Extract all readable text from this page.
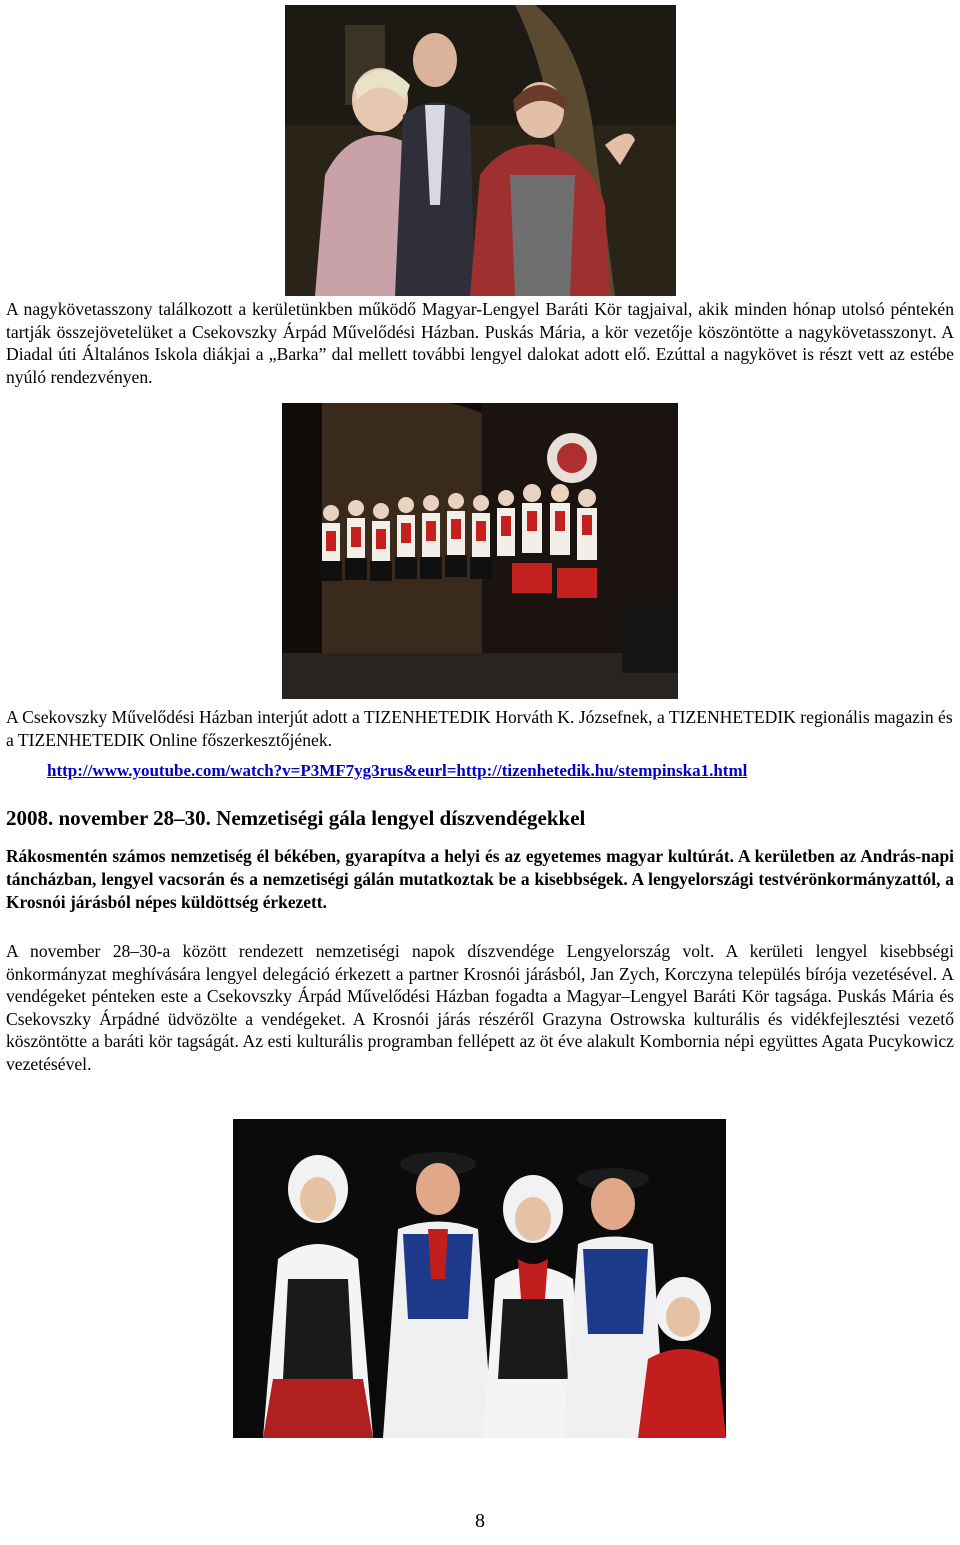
A nagykövetasszony találkozott a kerületünkben működő Magyar-Lengyel Baráti Kör tagjaival, akik minden hónap utolsó péntekén tartják összejövetelüket a Csekovszky Árpád Művelődési Házban. Puskás Mária, a kör vezetője köszöntötte a nagykövetasszonyt. A Diadal úti Általános Iskola diákjai a „Barka” dal mellett további lengyel dalokat adott elő. Ezúttal a nagykövet is részt vett az estébe nyúló rendezvényen.

A Csekovszky Művelődési Házban interjút adott a TIZENHETEDIK Horváth K. Józsefnek, a TIZENHETEDIK regionális magazin és a TIZENHETEDIK Online főszerkesztőjének.

http://www.youtube.com/watch?v=P3MF7yg3rus&eurl=http://tizenhetedik.hu/stempinska1.html
2008. november 28–30. Nemzetiségi gála lengyel díszvendégekkel

Rákosmentén számos nemzetiség él békében, gyarapítva a helyi és az egyetemes magyar kultúrát. A kerületben az András-napi táncházban, lengyel vacsorán és a nemzetiségi gálán mutatkoztak be a kisebbségek. A lengyelországi testvérönkormányzattól, a Krosnói járásból népes küldöttség érkezett.

A november 28–30-a között rendezett nemzetiségi napok díszvendége Lengyelország volt. A kerületi lengyel kisebbségi önkormányzat meghívására lengyel delegáció érkezett a partner Krosnói járásból, Jan Zych, Korczyna település bírója vezetésével. A vendégeket pénteken este a Csekovszky Árpád Művelődési Házban fogadta a Magyar–Lengyel Baráti Kör tagsága. Puskás Mária és Csekovszky Árpádné üdvözölte a vendégeket. A Krosnói járás részéről Grazyna Ostrowska kulturális és vidékfejlesztési vezető köszöntötte a baráti kör tagságát. Az esti kulturális programban fellépett az öt éve alakult Kombornia népi együttes Agata Pucykowicz vezetésével.

8
